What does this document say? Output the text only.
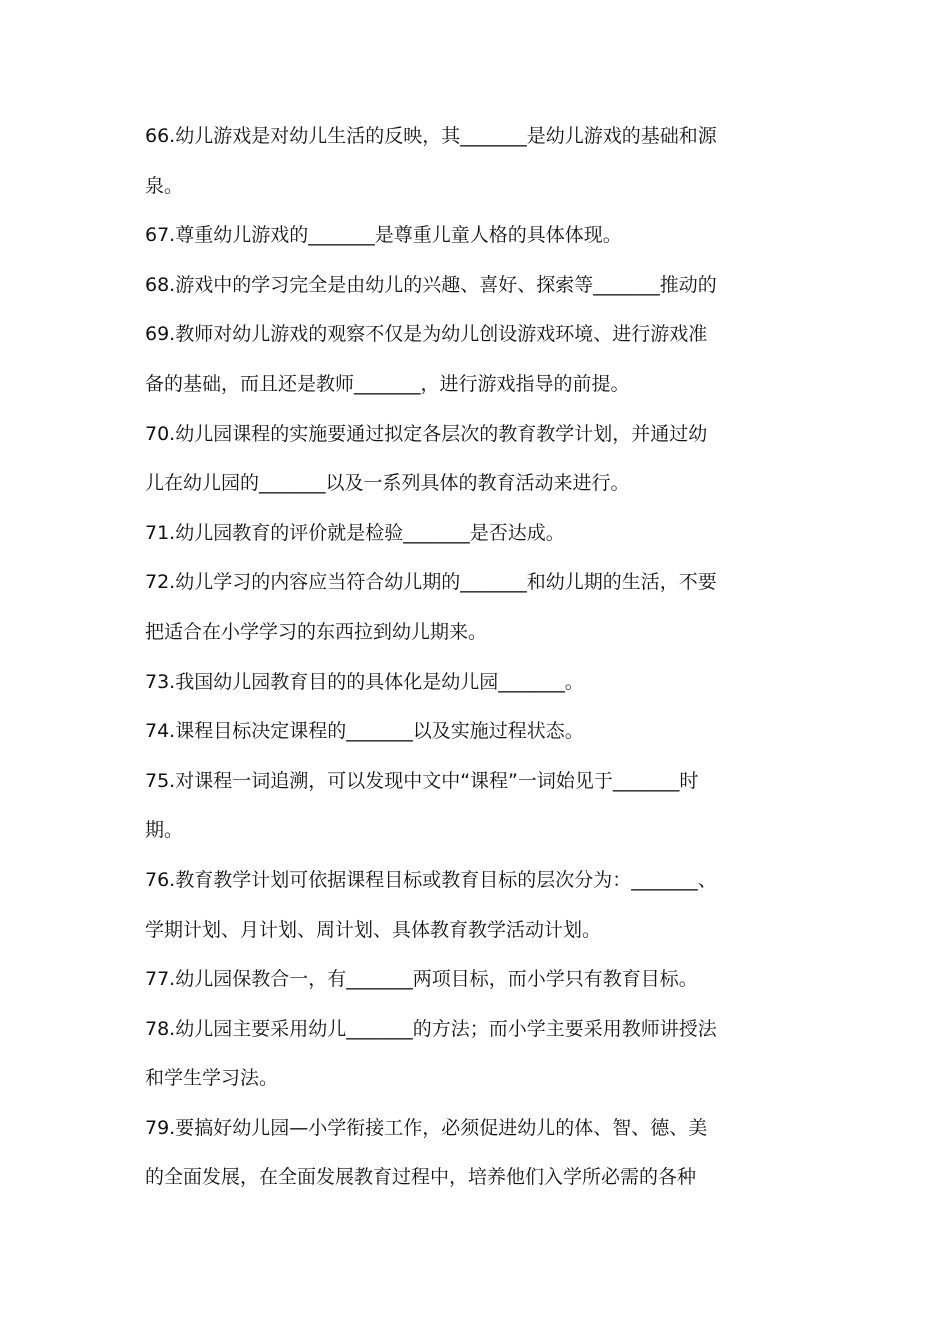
66.幼儿游戏是对幼儿生活的反映，其_______是幼儿游戏的基础和源
泉。
67.尊重幼儿游戏的_______是尊重儿童人格的具体体现。
68.游戏中的学习完全是由幼儿的兴趣、喜好、探索等_______推动的
69.教师对幼儿游戏的观察不仅是为幼儿创设游戏环境、进行游戏准
备的基础，而且还是教师_______，进行游戏指导的前提。
70.幼儿园课程的实施要通过拟定各层次的教育教学计划，并通过幼
儿在幼儿园的_______以及一系列具体的教育活动来进行。
71.幼儿园教育的评价就是检验_______是否达成。
72.幼儿学习的内容应当符合幼儿期的_______和幼儿期的生活，不要
把适合在小学学习的东西拉到幼儿期来。
73.我国幼儿园教育目的的具体化是幼儿园_______。
74.课程目标决定课程的_______以及实施过程状态。
75.对课程一词追溯，可以发现中文中“课程”一词始见于_______时
期。
76.教育教学计划可依据课程目标或教育目标的层次分为：_______、
学期计划、月计划、周计划、具体教育教学活动计划。
77.幼儿园保教合一，有_______两项目标，而小学只有教育目标。
78.幼儿园主要采用幼儿_______的方法；而小学主要采用教师讲授法
和学生学习法。
79.要搞好幼儿园—小学衔接工作，必须促进幼儿的体、智、德、美
的全面发展，在全面发展教育过程中，培养他们入学所必需的各种
